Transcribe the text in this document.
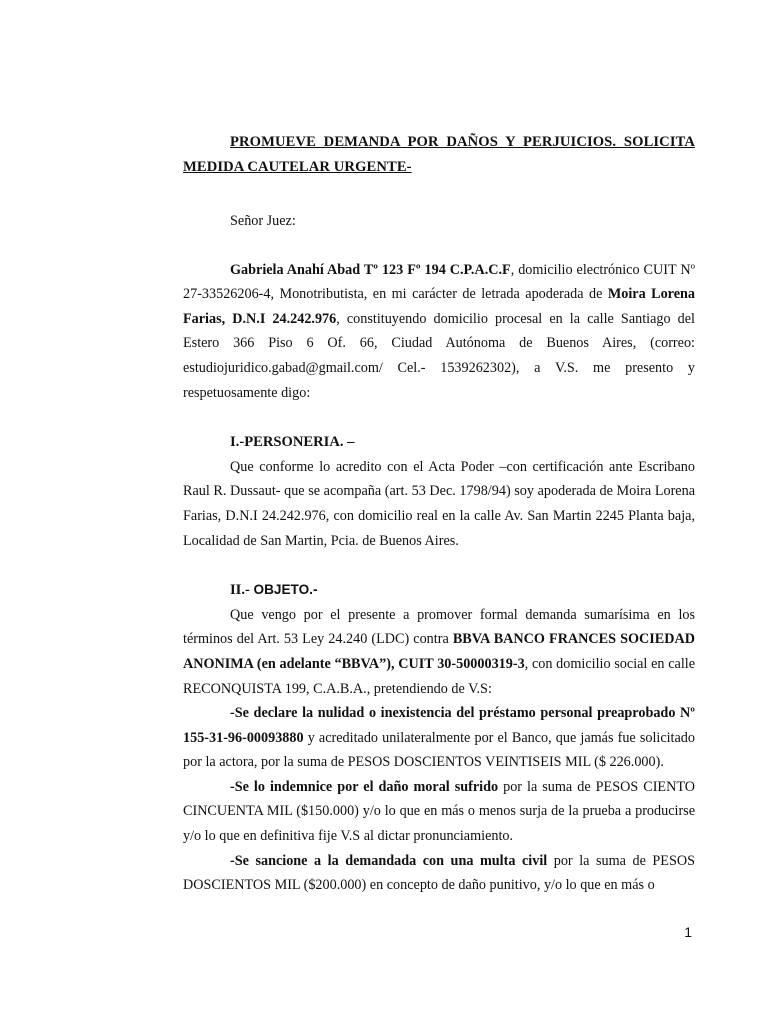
PROMUEVE DEMANDA POR DAÑOS Y PERJUICIOS. SOLICITA MEDIDA CAUTELAR URGENTE-

Señor Juez:

Gabriela Anahí Abad Tº 123 Fº 194 C.P.A.C.F, domicilio electrónico CUIT Nº 27-33526206-4, Monotributista, en mi carácter de letrada apoderada de Moira Lorena Farias, D.N.I 24.242.976, constituyendo domicilio procesal en la calle Santiago del Estero 366 Piso 6 Of. 66, Ciudad Autónoma de Buenos Aires, (correo: estudiojuridico.gabad@gmail.com/ Cel.- 1539262302), a V.S. me presento y respetuosamente digo:

I.-PERSONERIA. –

Que conforme lo acredito con el Acta Poder –con certificación ante Escribano Raul R. Dussaut- que se acompaña (art. 53 Dec. 1798/94) soy apoderada de Moira Lorena Farias, D.N.I 24.242.976, con domicilio real en la calle Av. San Martin 2245 Planta baja, Localidad de San Martin, Pcia. de Buenos Aires.

II.- OBJETO.-

Que vengo por el presente a promover formal demanda sumarísima en los términos del Art. 53 Ley 24.240 (LDC) contra BBVA BANCO FRANCES SOCIEDAD ANONIMA (en adelante “BBVA”), CUIT 30-50000319-3, con domicilio social en calle RECONQUISTA 199, C.A.B.A., pretendiendo de V.S:

-Se declare la nulidad o inexistencia del préstamo personal preaprobado Nº 155-31-96-00093880 y acreditado unilateralmente por el Banco, que jamás fue solicitado por la actora, por la suma de PESOS DOSCIENTOS VEINTISEIS MIL ($ 226.000).

-Se lo indemnice por el daño moral sufrido por la suma de PESOS CIENTO CINCUENTA MIL ($150.000) y/o lo que en más o menos surja de la prueba a producirse y/o lo que en definitiva fije V.S al dictar pronunciamiento.

-Se sancione a la demandada con una multa civil por la suma de PESOS DOSCIENTOS MIL ($200.000) en concepto de daño punitivo, y/o lo que en más o

1
